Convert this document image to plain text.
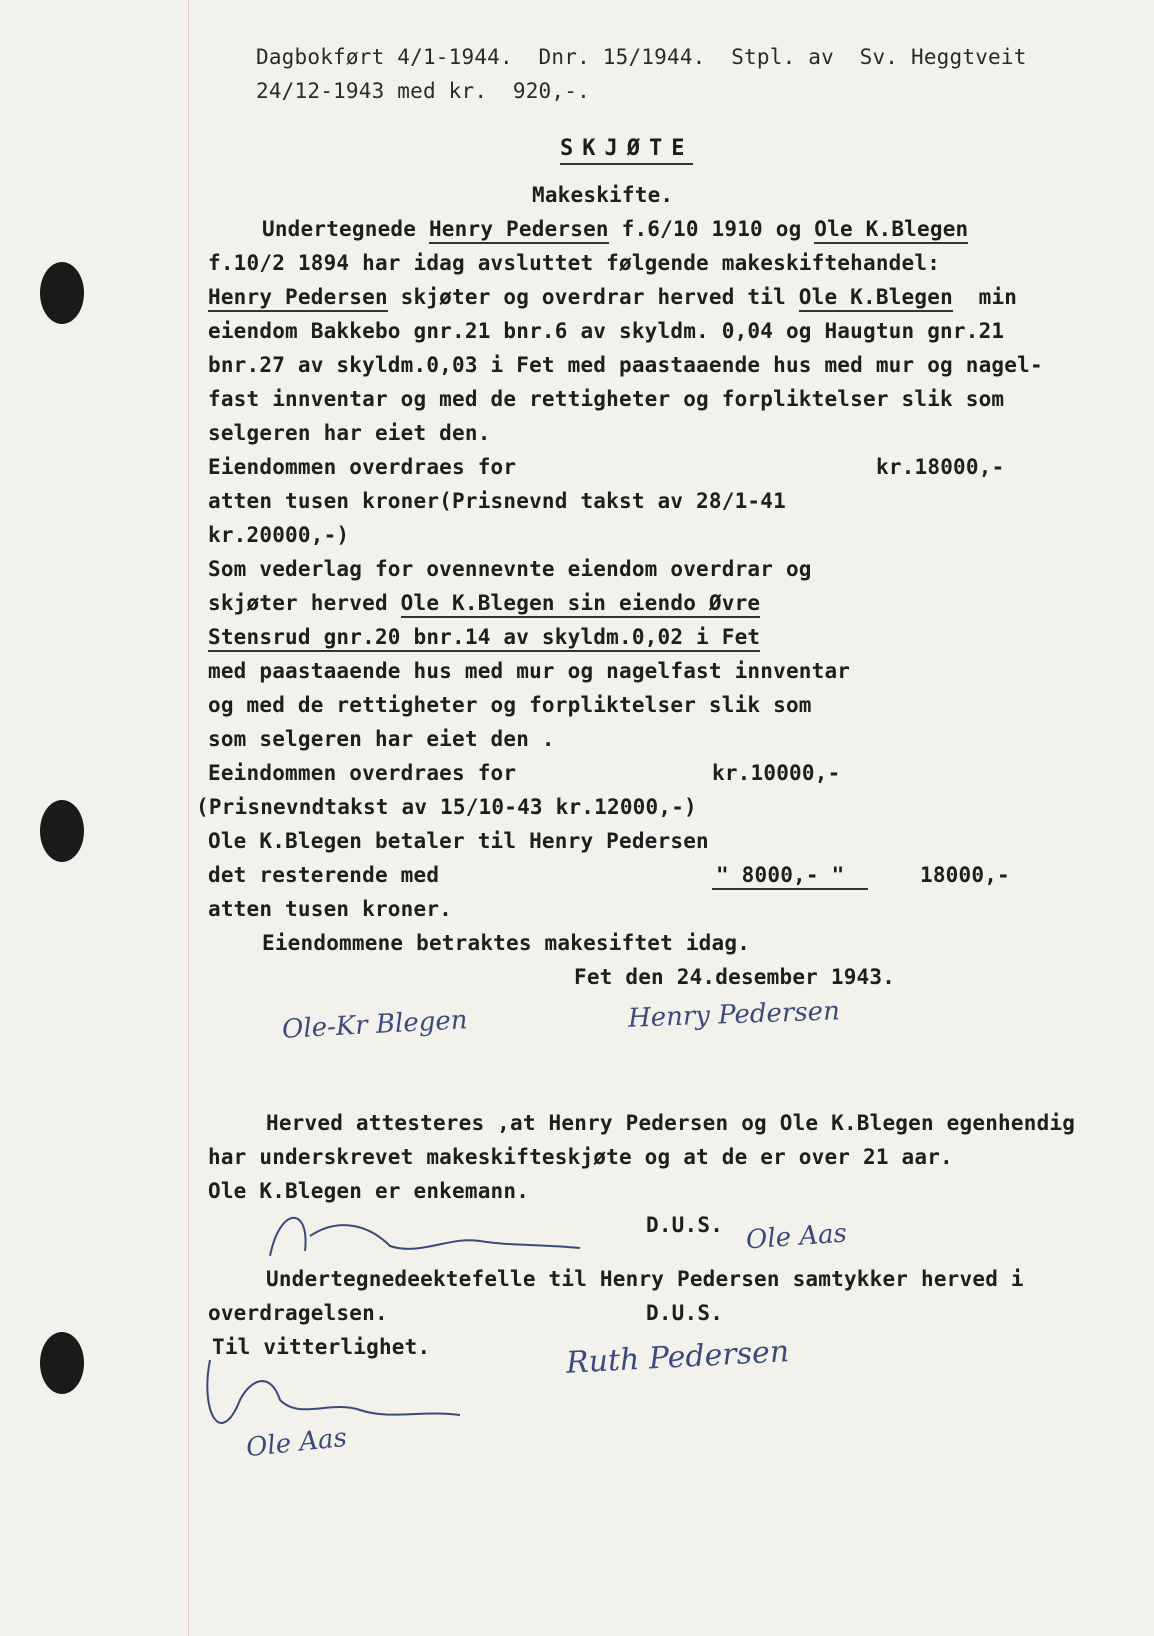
Dagbokført 4/1-1944.  Dnr. 15/1944.  Stpl. av  Sv. Heggtveit
24/12-1943 med kr.  920,-.
SKJØTE
Makeskifte.
Undertegnede Henry Pedersen f.6/10 1910 og Ole K.Blegen
f.10/2 1894 har idag avsluttet følgende makeskiftehandel:
Henry Pedersen skjøter og overdrar herved til Ole K.Blegen  min
eiendom Bakkebo gnr.21 bnr.6 av skyldm. 0,04 og Haugtun gnr.21
bnr.27 av skyldm.0,03 i Fet med paastaaende hus med mur og nagel-
fast innventar og med de rettigheter og forpliktelser slik som
selgeren har eiet den.
Eiendommen overdraes for	kr.18000,-
atten tusen kroner(Prisnevnd takst av 28/1-41
kr.20000,-)
Som vederlag for ovennevnte eiendom overdrar og
skjøter herved Ole K.Blegen sin eiendo Øvre
Stensrud gnr.20 bnr.14 av skyldm.0,02 i Fet
med paastaaende hus med mur og nagelfast innventar
og med de rettigheter og forpliktelser slik som
som selgeren har eiet den .
Eeindommen overdraes for	kr.10000,-
(Prisnevndtakst av 15/10-43 kr.12000,-)
Ole K.Blegen betaler til Henry Pedersen
det resterende med	" 8000,- "	18000,-
atten tusen kroner.
Eiendommene betraktes makesiftet idag.
Fet den 24.desember 1943.
Ole-Kr Blegen	Henry Pedersen
Herved attesteres ,at Henry Pedersen og Ole K.Blegen egenhendig
har underskrevet makeskifteskjøte og at de er over 21 aar.
Ole K.Blegen er enkemann.
D.U.S. Ole Aas
Undertegnedeektefelle til Henry Pedersen samtykker herved i
overdragelsen.	D.U.S.
Til vitterlighet.	Ruth Pedersen
Ole Aas
